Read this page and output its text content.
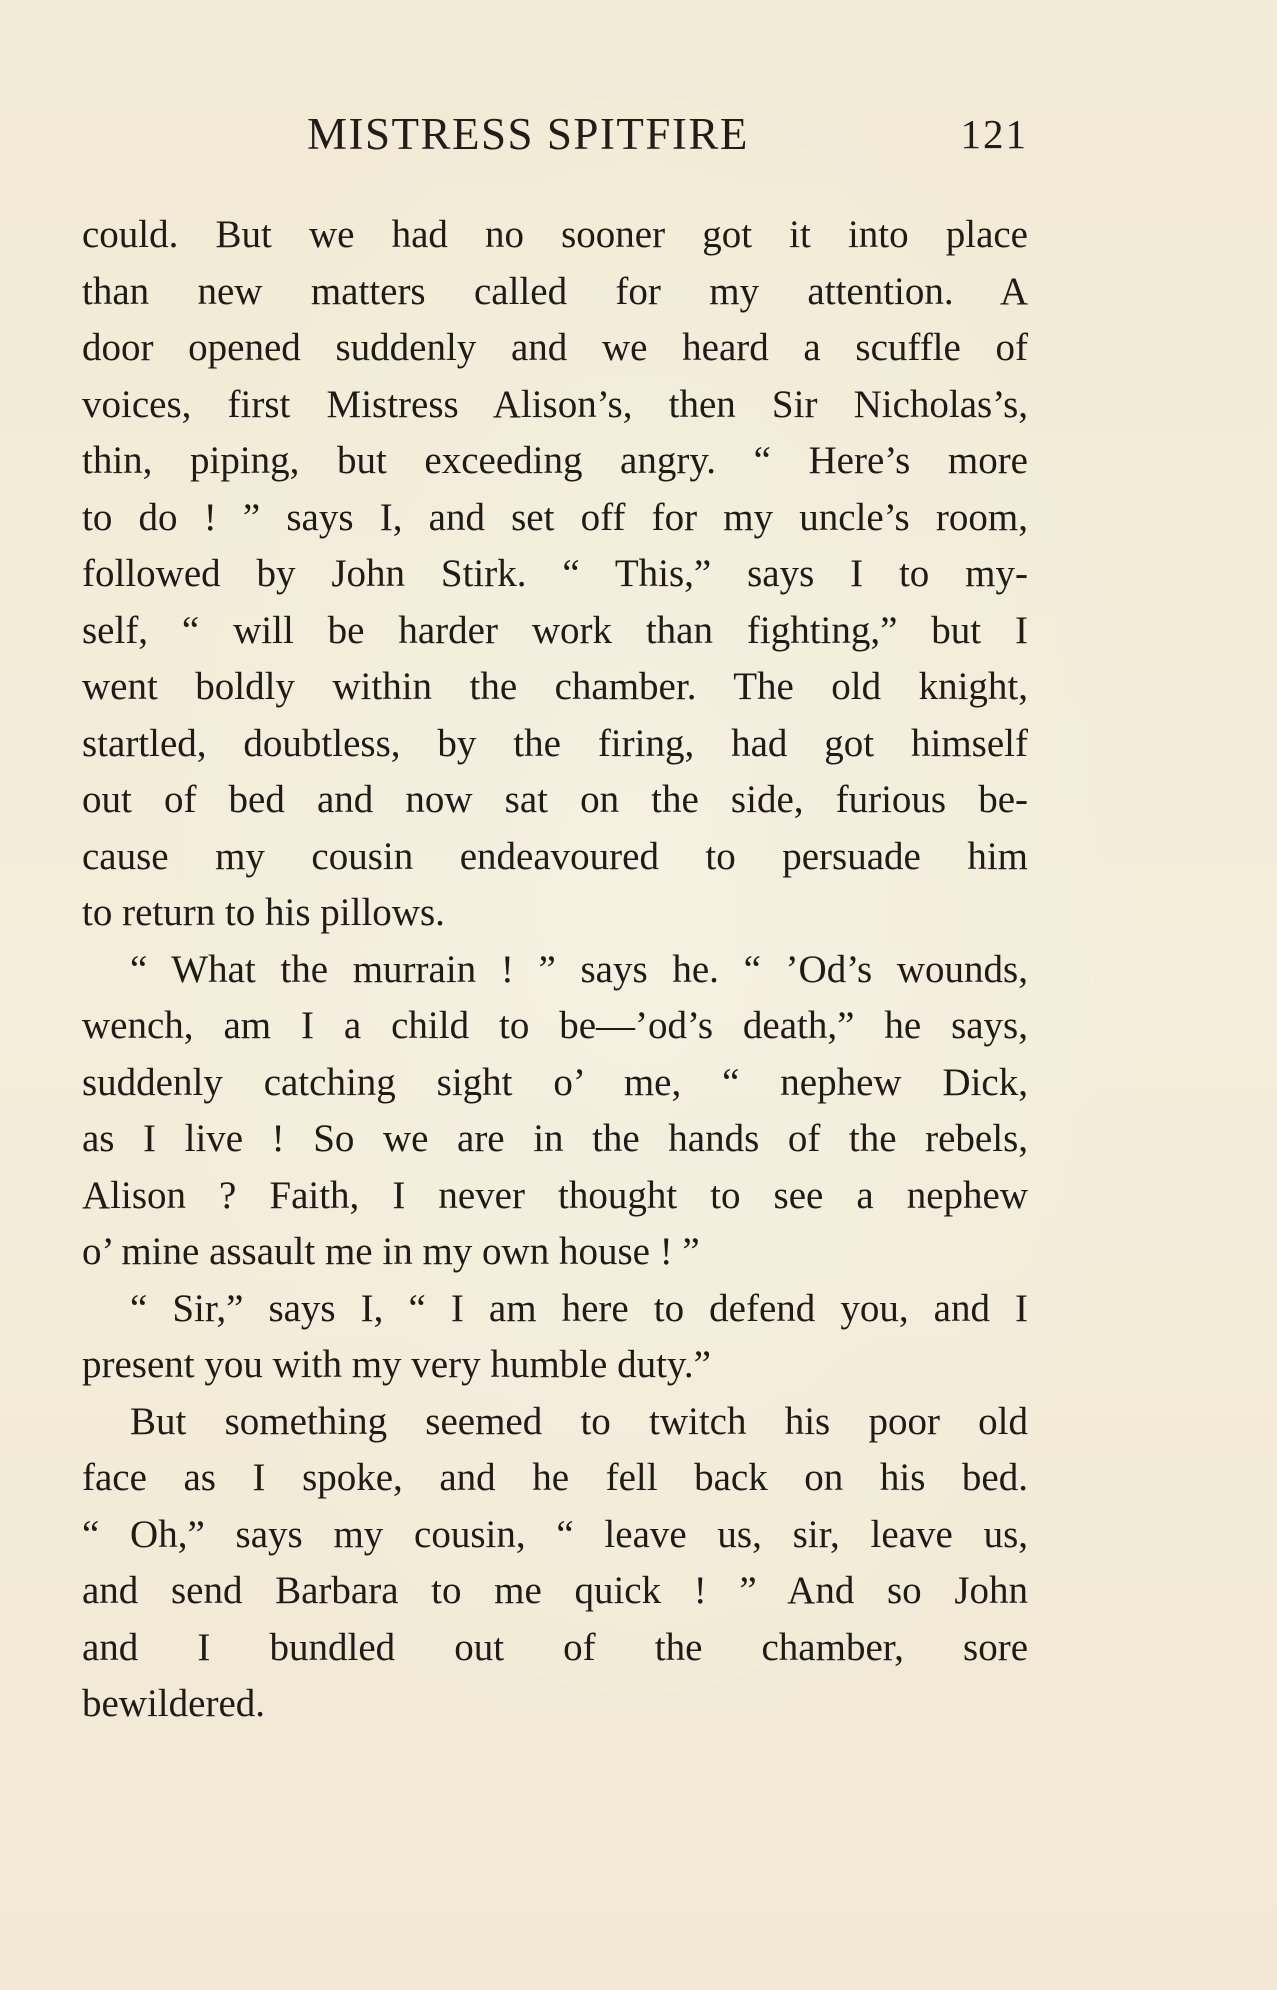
MISTRESS SPITFIRE	121
could. But we had no sooner got it into place
than new matters called for my attention. A
door opened suddenly and we heard a scuffle of
voices, first Mistress Alison’s, then Sir Nicholas’s,
thin, piping, but exceeding angry. “ Here’s more
to do ! ” says I, and set off for my uncle’s room,
followed by John Stirk. “ This,” says I to my-
self, “ will be harder work than fighting,” but I
went boldly within the chamber. The old knight,
startled, doubtless, by the firing, had got himself
out of bed and now sat on the side, furious be-
cause my cousin endeavoured to persuade him
to return to his pillows.
“ What the murrain ! ” says he. “ ’Od’s wounds,
wench, am I a child to be—’od’s death,” he says,
suddenly catching sight o’ me, “ nephew Dick,
as I live ! So we are in the hands of the rebels,
Alison ? Faith, I never thought to see a nephew
o’ mine assault me in my own house ! ”
“ Sir,” says I, “ I am here to defend you, and I
present you with my very humble duty.”
But something seemed to twitch his poor old
face as I spoke, and he fell back on his bed.
“ Oh,” says my cousin, “ leave us, sir, leave us,
and send Barbara to me quick ! ” And so John
and I bundled out of the chamber, sore
bewildered.
